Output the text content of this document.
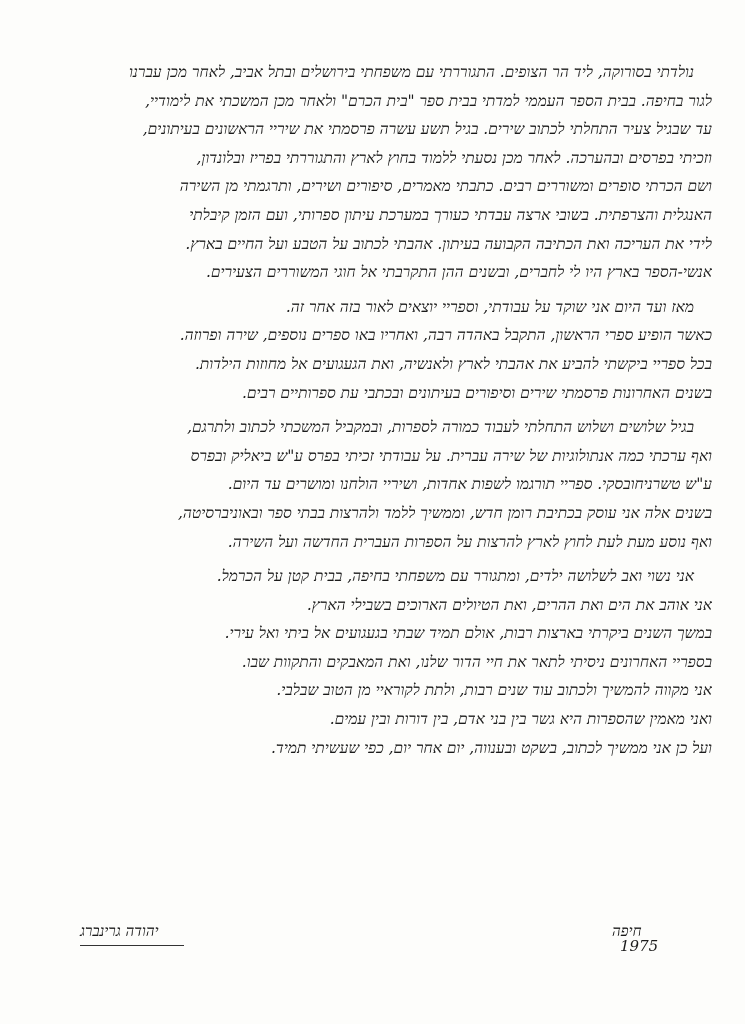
נולדתי בסורוקה, ליד הר הצופים. התגוררתי עם משפחתי בירושלים ובתל אביב, לאחר מכן עברנו
לגור בחיפה. בבית הספר העממי למדתי בבית ספר "בית הכרם" ולאחר מכן המשכתי את לימודיי,
עד שבגיל צעיר התחלתי לכתוב שירים. בגיל תשע עשרה פרסמתי את שיריי הראשונים בעיתונים,
וזכיתי בפרסים ובהערכה. לאחר מכן נסעתי ללמוד בחוץ לארץ והתגוררתי בפריז ובלונדון,
ושם הכרתי סופרים ומשוררים רבים. כתבתי מאמרים, סיפורים ושירים, ותרגמתי מן השירה
האנגלית והצרפתית. בשובי ארצה עבדתי כעורך במערכת עיתון ספרותי, ועם הזמן קיבלתי
לידי את העריכה ואת הכתיבה הקבועה בעיתון. אהבתי לכתוב על הטבע ועל החיים בארץ.
אנשי-הספר בארץ היו לי לחברים, ובשנים ההן התקרבתי אל חוגי המשוררים הצעירים.
מאז ועד היום אני שוקד על עבודתי, וספריי יוצאים לאור בזה אחר זה.
כאשר הופיע ספרי הראשון, התקבל באהדה רבה, ואחריו באו ספרים נוספים, שירה ופרוזה.
בכל ספריי ביקשתי להביע את אהבתי לארץ ולאנשיה, ואת הגעגועים אל מחוזות הילדות.
בשנים האחרונות פרסמתי שירים וסיפורים בעיתונים ובכתבי עת ספרותיים רבים.
בגיל שלושים ושלוש התחלתי לעבוד כמורה לספרות, ובמקביל המשכתי לכתוב ולתרגם,
ואף ערכתי כמה אנתולוגיות של שירה עברית. על עבודתי זכיתי בפרס ע"ש ביאליק ובפרס
ע"ש טשרניחובסקי. ספריי תורגמו לשפות אחדות, ושיריי הולחנו ומושרים עד היום.
בשנים אלה אני עוסק בכתיבת רומן חדש, וממשיך ללמד ולהרצות בבתי ספר ובאוניברסיטה,
ואף נוסע מעת לעת לחוץ לארץ להרצות על הספרות העברית החדשה ועל השירה.
אני נשוי ואב לשלושה ילדים, ומתגורר עם משפחתי בחיפה, בבית קטן על הכרמל.
אני אוהב את הים ואת ההרים, ואת הטיולים הארוכים בשבילי הארץ.
במשך השנים ביקרתי בארצות רבות, אולם תמיד שבתי בגעגועים אל ביתי ואל עירי.
בספריי האחרונים ניסיתי לתאר את חיי הדור שלנו, ואת המאבקים והתקוות שבו.
אני מקווה להמשיך ולכתוב עוד שנים רבות, ולתת לקוראיי מן הטוב שבלבי.
ואני מאמין שהספרות היא גשר בין בני אדם, בין דורות ובין עמים.
ועל כן אני ממשיך לכתוב, בשקט ובענווה, יום אחר יום, כפי שעשיתי תמיד.
יהודה גרינברג	חיפה
1975
